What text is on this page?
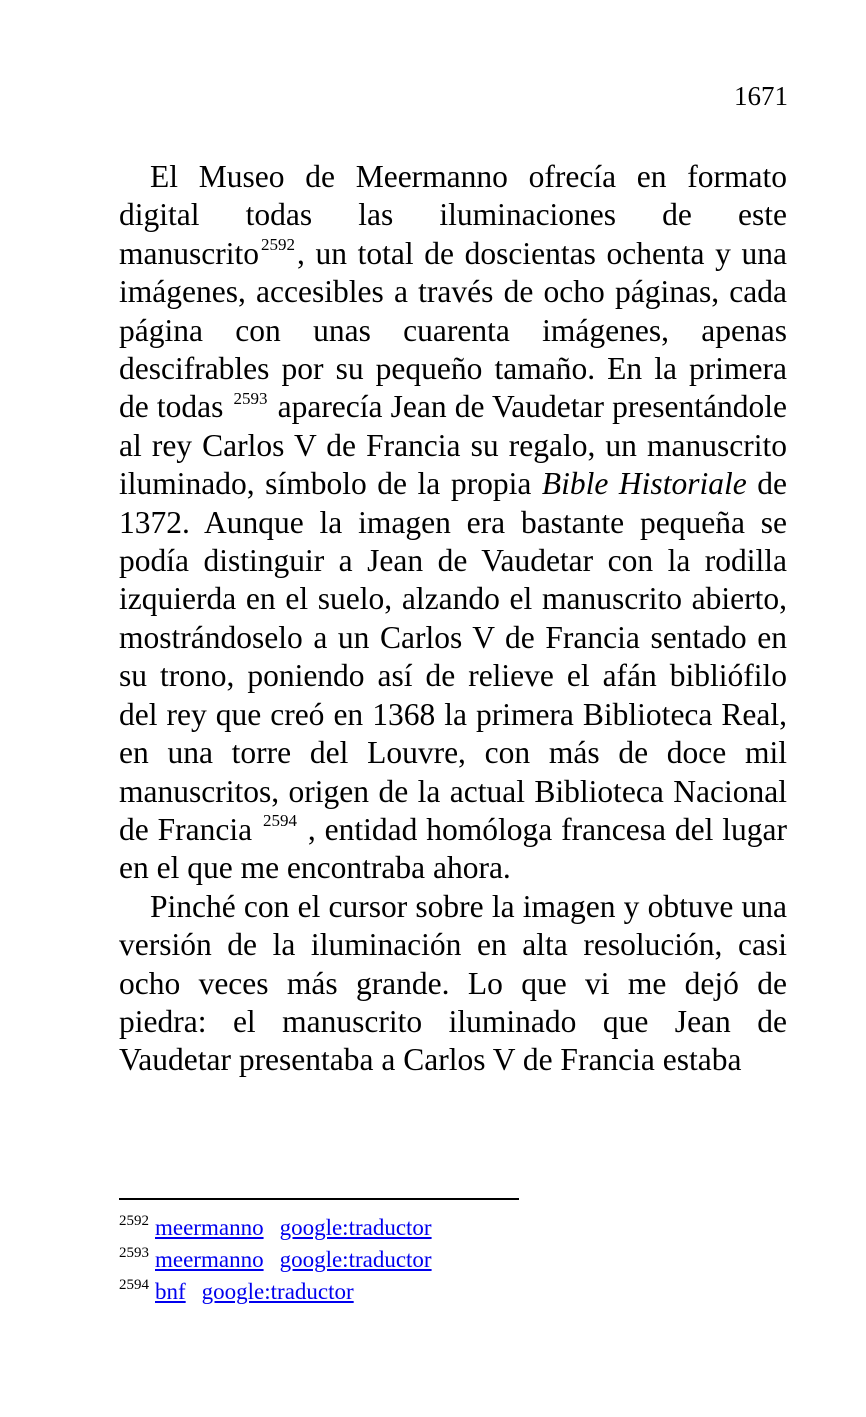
1671

El Museo de Meermanno ofrecía en formato digital todas las iluminaciones de este manuscrito $^{2592}$, un total de doscientas ochenta y una imágenes, accesibles a través de ocho páginas, cada página con unas cuarenta imágenes, apenas descifrables por su pequeño tamaño. En la primera de todas $^{2593}$ aparecía Jean de Vaudetar presentándole al rey Carlos V de Francia su regalo, un manuscrito iluminado, símbolo de la propia Bible Historiale de 1372. Aunque la imagen era bastante pequeña se podía distinguir a Jean de Vaudetar con la rodilla izquierda en el suelo, alzando el manuscrito abierto, mostrándoselo a un Carlos V de Francia sentado en su trono, poniendo así de relieve el afán bibliófilo del rey que creó en 1368 la primera Biblioteca Real, en una torre del Louvre, con más de doce mil manuscritos, origen de la actual Biblioteca Nacional de Francia $^{2594}$ , entidad homóloga francesa del lugar en el que me encontraba ahora.

Pinché con el cursor sobre la imagen y obtuve una versión de la iluminación en alta resolución, casi ocho veces más grande. Lo que vi me dejó de piedra: el manuscrito iluminado que Jean de Vaudetar presentaba a Carlos V de Francia estaba

$^{2592}$ meermanno google:traductor
$^{2593}$ meermanno google:traductor
$^{2594}$ bnf google:traductor
